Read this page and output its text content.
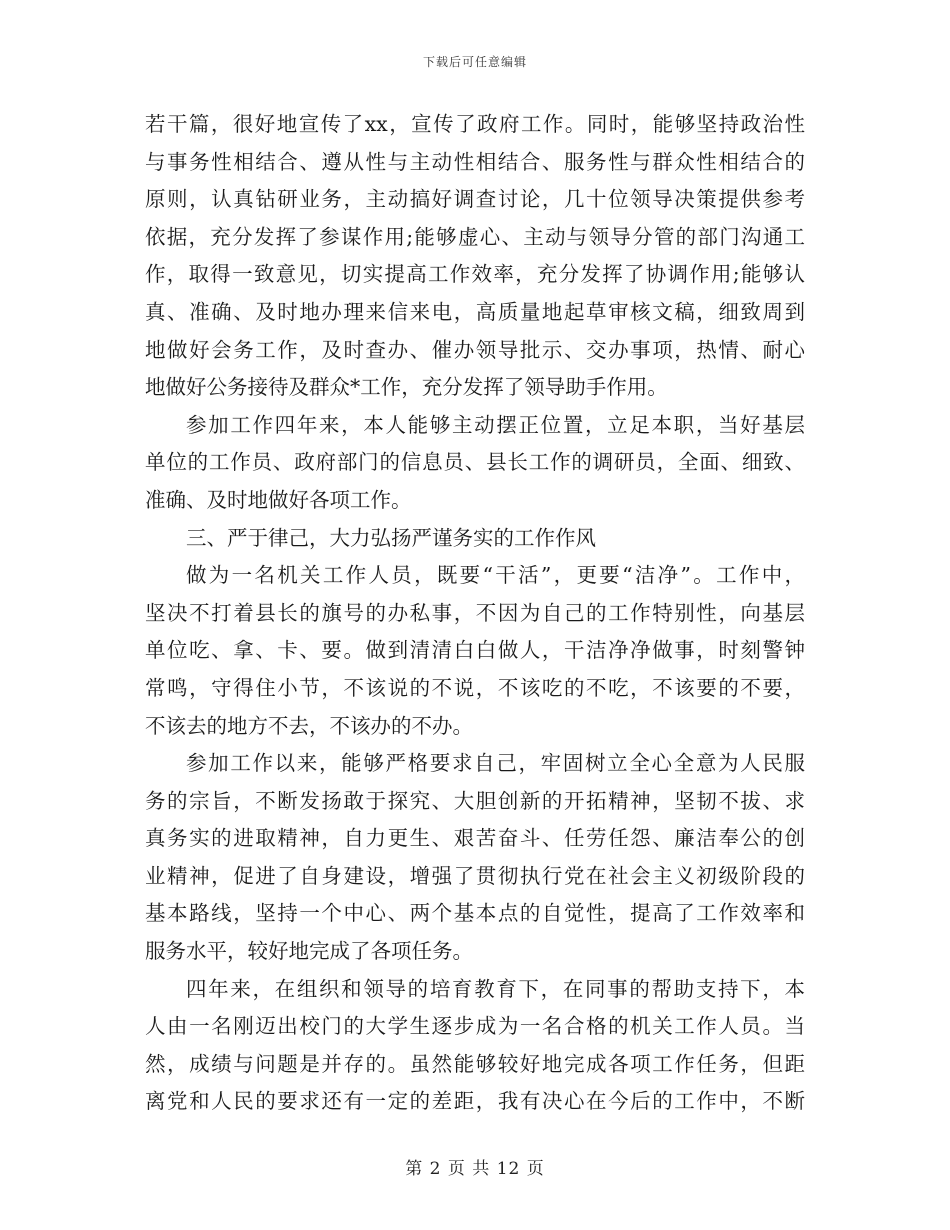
下载后可任意编辑
若干篇，很好地宣传了xx，宣传了政府工作。同时，能够坚持政治性
与事务性相结合、遵从性与主动性相结合、服务性与群众性相结合的
原则，认真钻研业务，主动搞好调查讨论，几十位领导决策提供参考
依据，充分发挥了参谋作用;能够虚心、主动与领导分管的部门沟通工
作，取得一致意见，切实提高工作效率，充分发挥了协调作用;能够认
真、准确、及时地办理来信来电，高质量地起草审核文稿，细致周到
地做好会务工作，及时查办、催办领导批示、交办事项，热情、耐心
地做好公务接待及群众*工作，充分发挥了领导助手作用。
参加工作四年来，本人能够主动摆正位置，立足本职，当好基层
单位的工作员、政府部门的信息员、县长工作的调研员，全面、细致、
准确、及时地做好各项工作。
三、严于律己，大力弘扬严谨务实的工作作风
做为一名机关工作人员，既要“干活”，更要“洁净”。工作中，
坚决不打着县长的旗号的办私事，不因为自己的工作特别性，向基层
单位吃、拿、卡、要。做到清清白白做人，干洁净净做事，时刻警钟
常鸣，守得住小节，不该说的不说，不该吃的不吃，不该要的不要，
不该去的地方不去，不该办的不办。
参加工作以来，能够严格要求自己，牢固树立全心全意为人民服
务的宗旨，不断发扬敢于探究、大胆创新的开拓精神，坚韧不拔、求
真务实的进取精神，自力更生、艰苦奋斗、任劳任怨、廉洁奉公的创
业精神，促进了自身建设，增强了贯彻执行党在社会主义初级阶段的
基本路线，坚持一个中心、两个基本点的自觉性，提高了工作效率和
服务水平，较好地完成了各项任务。
四年来，在组织和领导的培育教育下，在同事的帮助支持下，本
人由一名刚迈出校门的大学生逐步成为一名合格的机关工作人员。当
然，成绩与问题是并存的。虽然能够较好地完成各项工作任务，但距
离党和人民的要求还有一定的差距，我有决心在今后的工作中，不断
第 2 页 共 12 页
